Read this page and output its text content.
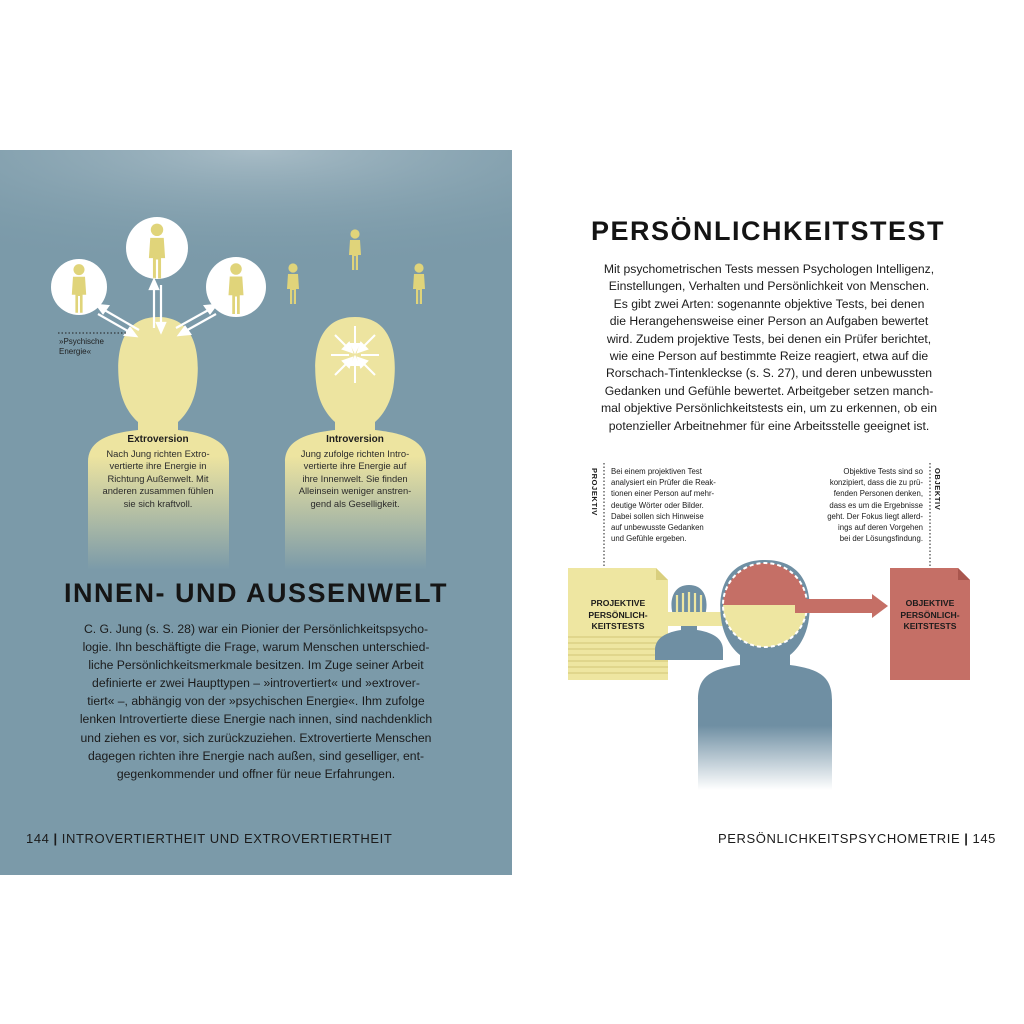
»Psychische
Energie«
Extroversion
Nach Jung richten Extro-
vertierte ihre Energie in
Richtung Außenwelt. Mit
anderen zusammen fühlen
sie sich kraftvoll.
Introversion
Jung zufolge richten Intro-
vertierte ihre Energie auf
ihre Innenwelt. Sie finden
Alleinsein weniger anstren-
gend als Geselligkeit.
INNEN- UND AUSSENWELT
C. G. Jung (s. S. 28) war ein Pionier der Persönlichkeitspsycho-
logie. Ihn beschäftigte die Frage, warum Menschen unterschied-
liche Persönlichkeitsmerkmale besitzen. Im Zuge seiner Arbeit
definierte er zwei Haupttypen – »introvertiert« und »extrover-
tiert« –, abhängig von der »psychischen Energie«. Ihm zufolge
lenken Introvertierte diese Energie nach innen, sind nachdenklich
und ziehen es vor, sich zurückzuziehen. Extrovertierte Menschen
dagegen richten ihre Energie nach außen, sind geselliger, ent-
gegenkommender und offner für neue Erfahrungen.
144 | INTROVERTIERTHEIT UND EXTROVERTIERTHEIT
PERSÖNLICHKEITSTEST
Mit psychometrischen Tests messen Psychologen Intelligenz,
Einstellungen, Verhalten und Persönlichkeit von Menschen.
Es gibt zwei Arten: sogenannte objektive Tests, bei denen
die Herangehensweise einer Person an Aufgaben bewertet
wird. Zudem projektive Tests, bei denen ein Prüfer berichtet,
wie eine Person auf bestimmte Reize reagiert, etwa auf die
Rorschach-Tintenkleckse (s. S. 27), und deren unbewussten
Gedanken und Gefühle bewertet. Arbeitgeber setzen manch-
mal objektive Persönlichkeitstests ein, um zu erkennen, ob ein
potenzieller Arbeitnehmer für eine Arbeitsstelle geeignet ist.
PROJEKTIV	OBJEKTIV
Bei einem projektiven Test
analysiert ein Prüfer die Reak-
tionen einer Person auf mehr-
deutige Wörter oder Bilder.
Dabei sollen sich Hinweise
auf unbewusste Gedanken
und Gefühle ergeben.
Objektive Tests sind so
konzipiert, dass die zu prü-
fenden Personen denken,
dass es um die Ergebnisse
geht. Der Fokus liegt allerd-
ings auf deren Vorgehen
bei der Lösungsfindung.
PROJEKTIVE
PERSÖNLICH-
KEITSTESTS
OBJEKTIVE
PERSÖNLICH-
KEITSTESTS
PERSÖNLICHKEITSPSYCHOMETRIE | 145
